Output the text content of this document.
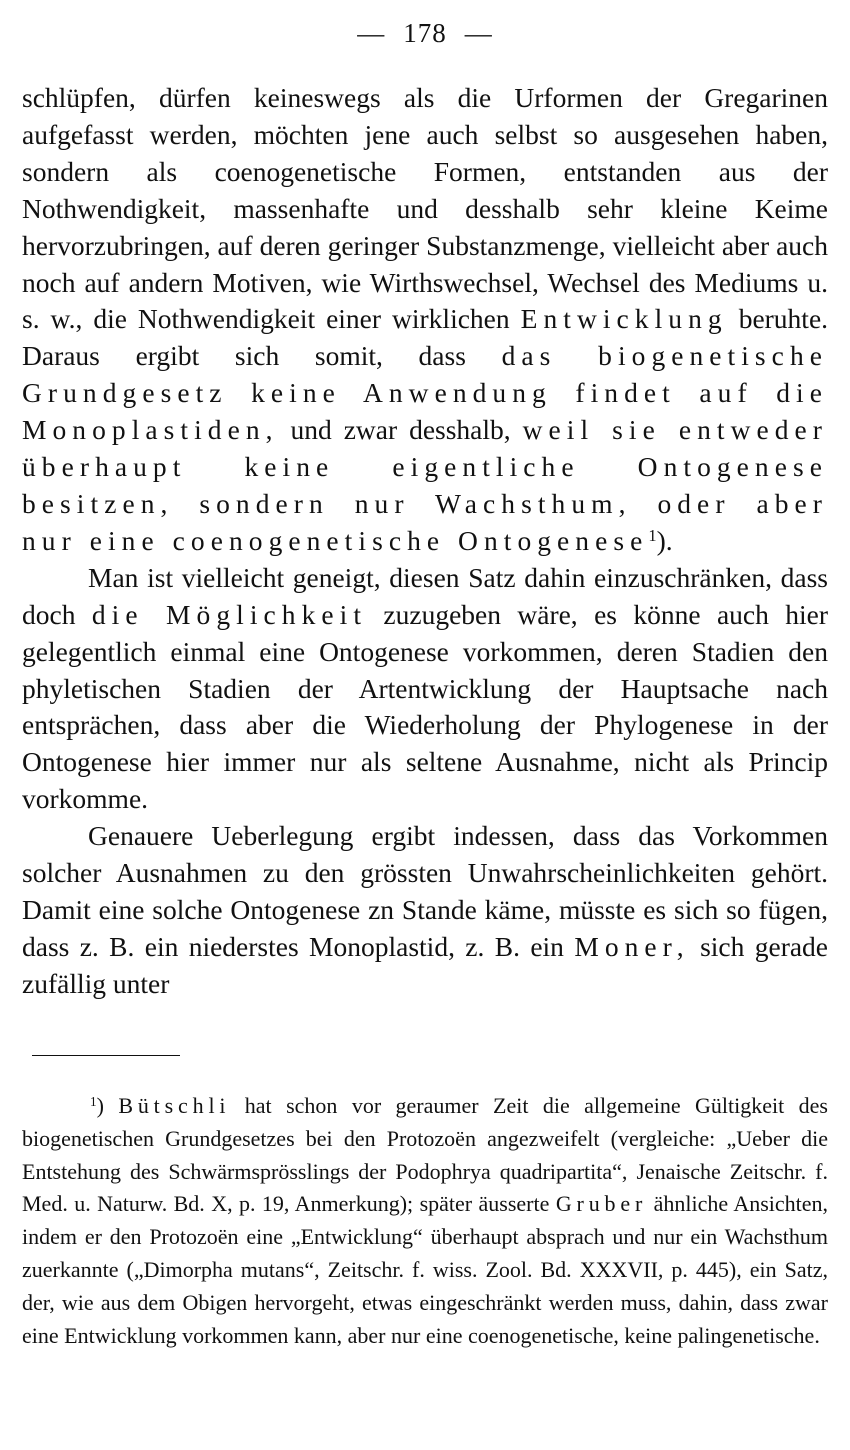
— 178 —

schlüpfen, dürfen keineswegs als die Urformen der Gregarinen aufgefasst werden, möchten jene auch selbst so ausgesehen haben, sondern als coenogenetische Formen, entstanden aus der Nothwendigkeit, massenhafte und desshalb sehr kleine Keime hervorzubringen, auf deren geringer Substanzmenge, vielleicht aber auch noch auf andern Motiven, wie Wirthswechsel, Wechsel des Mediums u. s. w., die Nothwendigkeit einer wirklichen Entwicklung beruhte. Daraus ergibt sich somit, dass das biogenetische Grundgesetz keine Anwendung findet auf die Monoplastiden, und zwar desshalb, weil sie entweder überhaupt keine eigentliche Ontogenese besitzen, sondern nur Wachsthum, oder aber nur eine coenogenetische Ontogenese$^1$).

Man ist vielleicht geneigt, diesen Satz dahin einzuschränken, dass doch die Möglichkeit zuzugeben wäre, es könne auch hier gelegentlich einmal eine Ontogenese vorkommen, deren Stadien den phyletischen Stadien der Artentwicklung der Hauptsache nach entsprächen, dass aber die Wiederholung der Phylogenese in der Ontogenese hier immer nur als seltene Ausnahme, nicht als Princip vorkomme.

Genauere Ueberlegung ergibt indessen, dass das Vorkommen solcher Ausnahmen zu den grössten Unwahrscheinlichkeiten gehört. Damit eine solche Ontogenese zn Stande käme, müsste es sich so fügen, dass z. B. ein niederstes Monoplastid, z. B. ein Moner, sich gerade zufällig unter

$^1$) Bütschli hat schon vor geraumer Zeit die allgemeine Gültigkeit des biogenetischen Grundgesetzes bei den Protozoën angezweifelt (vergleiche: „Ueber die Entstehung des Schwärmsprösslings der Podophrya quadripartita“, Jenaische Zeitschr. f. Med. u. Naturw. Bd. X, p. 19, Anmerkung); später äusserte Gruber ähnliche Ansichten, indem er den Protozoën eine „Entwicklung“ überhaupt absprach und nur ein Wachsthum zuerkannte („Dimorpha mutans“, Zeitschr. f. wiss. Zool. Bd. XXXVII, p. 445), ein Satz, der, wie aus dem Obigen hervorgeht, etwas eingeschränkt werden muss, dahin, dass zwar eine Entwicklung vorkommen kann, aber nur eine coenogenetische, keine palingenetische.
